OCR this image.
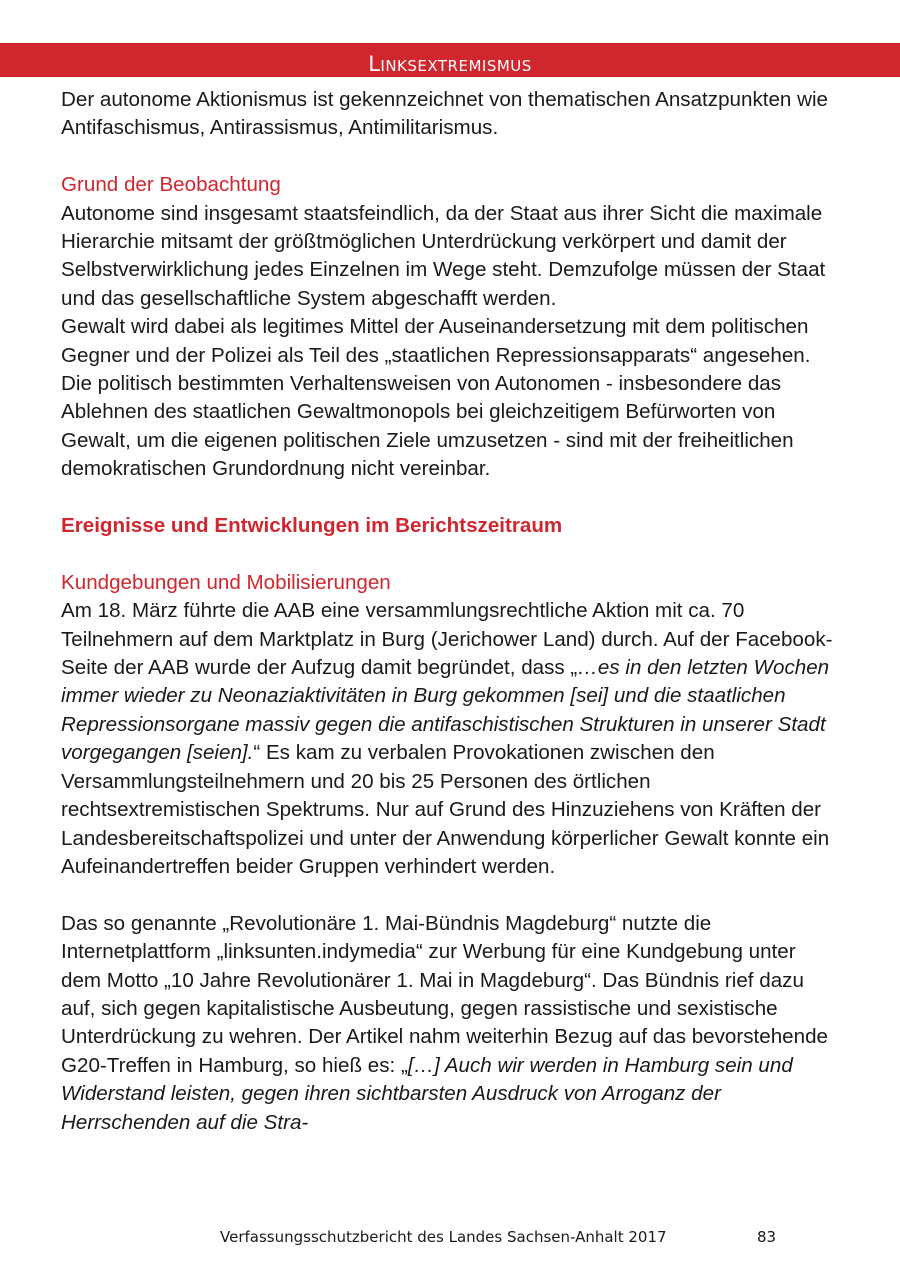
Linksextremismus

Der autonome Aktionismus ist gekennzeichnet von thematischen Ansatzpunkten wie Antifaschismus, Antirassismus, Antimilitarismus.

Grund der Beobachtung

Autonome sind insgesamt staatsfeindlich, da der Staat aus ihrer Sicht die maximale Hierarchie mitsamt der größtmöglichen Unterdrückung verkörpert und damit der Selbstverwirklichung jedes Einzelnen im Wege steht. Demzufolge müssen der Staat und das gesellschaftliche System abgeschafft werden.

Gewalt wird dabei als legitimes Mittel der Auseinandersetzung mit dem politischen Gegner und der Polizei als Teil des „staatlichen Repressionsapparats“ angesehen.

Die politisch bestimmten Verhaltensweisen von Autonomen - insbesondere das Ablehnen des staatlichen Gewaltmonopols bei gleichzeitigem Befürworten von Gewalt, um die eigenen politischen Ziele umzusetzen - sind mit der freiheitlichen demokratischen Grundordnung nicht vereinbar.

Ereignisse und Entwicklungen im Berichtszeitraum

Kundgebungen und Mobilisierungen

Am 18. März führte die AAB eine versammlungsrechtliche Aktion mit ca. 70 Teilnehmern auf dem Marktplatz in Burg (Jerichower Land) durch. Auf der Facebook-Seite der AAB wurde der Aufzug damit begründet, dass „…es in den letzten Wochen immer wieder zu Neonaziaktivitäten in Burg gekommen [sei] und die staatlichen Repressionsorgane massiv gegen die antifaschistischen Strukturen in unserer Stadt vorgegangen [seien].“ Es kam zu verbalen Provokationen zwischen den Versammlungsteilnehmern und 20 bis 25 Personen des örtlichen rechtsextremistischen Spektrums. Nur auf Grund des Hinzuziehens von Kräften der Landesbereitschaftspolizei und unter der Anwendung körperlicher Gewalt konnte ein Aufeinandertreffen beider Gruppen verhindert werden.

Das so genannte „Revolutionäre 1. Mai-Bündnis Magdeburg“ nutzte die Internetplattform „linksunten.indymedia“ zur Werbung für eine Kundgebung unter dem Motto „10 Jahre Revolutionärer 1. Mai in Magdeburg“. Das Bündnis rief dazu auf, sich gegen kapitalistische Ausbeutung, gegen rassistische und sexistische Unterdrückung zu wehren. Der Artikel nahm weiterhin Bezug auf das bevorstehende G20-Treffen in Hamburg, so hieß es: „[…] Auch wir werden in Hamburg sein und Widerstand leisten, gegen ihren sichtbarsten Ausdruck von Arroganz der Herrschenden auf die Stra-

Verfassungsschutzbericht des Landes Sachsen-Anhalt 2017	83
